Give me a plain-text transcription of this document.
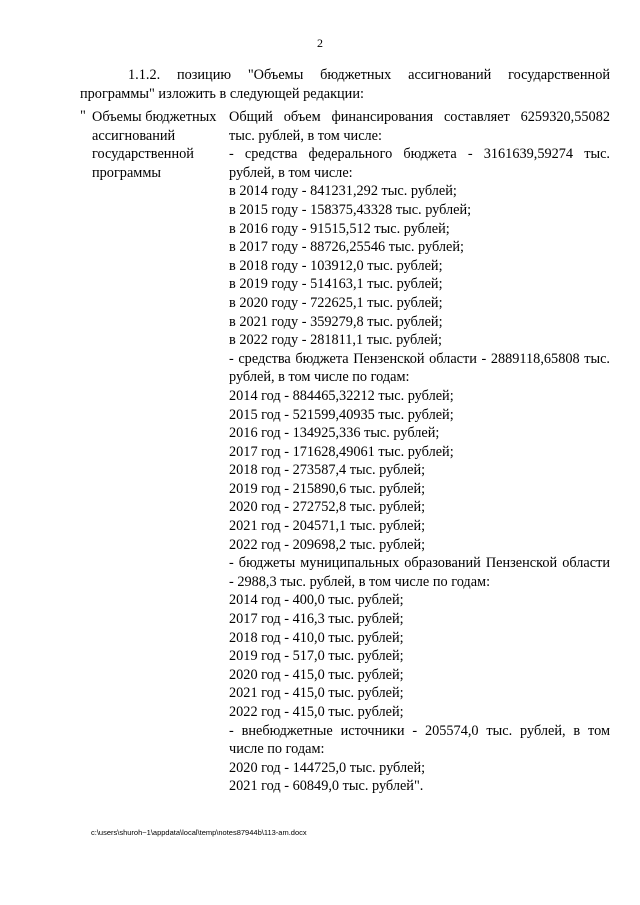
2
1.1.2. позицию "Объемы бюджетных ассигнований государственной программы" изложить в следующей редакции:
" Объемы бюджетных ассигнований государственной программы
Общий объем финансирования составляет 6259320,55082 тыс. рублей, в том числе:
- средства федерального бюджета - 3161639,59274 тыс. рублей, в том числе:
в 2014 году - 841231,292 тыс. рублей;
в 2015 году - 158375,43328 тыс. рублей;
в 2016 году - 91515,512 тыс. рублей;
в 2017 году - 88726,25546 тыс. рублей;
в 2018 году - 103912,0 тыс. рублей;
в 2019 году - 514163,1 тыс. рублей;
в 2020 году - 722625,1 тыс. рублей;
в 2021 году - 359279,8 тыс. рублей;
в 2022 году - 281811,1 тыс. рублей;
- средства бюджета Пензенской области - 2889118,65808 тыс. рублей, в том числе по годам:
2014 год - 884465,32212 тыс. рублей;
2015 год - 521599,40935 тыс. рублей;
2016 год - 134925,336 тыс. рублей;
2017 год - 171628,49061 тыс. рублей;
2018 год - 273587,4 тыс. рублей;
2019 год - 215890,6 тыс. рублей;
2020 год - 272752,8 тыс. рублей;
2021 год - 204571,1 тыс. рублей;
2022 год - 209698,2 тыс. рублей;
- бюджеты муниципальных образований Пензенской области - 2988,3 тыс. рублей, в том числе по годам:
2014 год - 400,0 тыс. рублей;
2017 год - 416,3 тыс. рублей;
2018 год - 410,0 тыс. рублей;
2019 год - 517,0 тыс. рублей;
2020 год - 415,0 тыс. рублей;
2021 год - 415,0 тыс. рублей;
2022 год - 415,0 тыс. рублей;
- внебюджетные источники - 205574,0 тыс. рублей, в том числе по годам:
2020 год - 144725,0 тыс. рублей;
2021 год - 60849,0 тыс. рублей".
c:\users\shuroh~1\appdata\local\temp\notes87944b\113-am.docx
